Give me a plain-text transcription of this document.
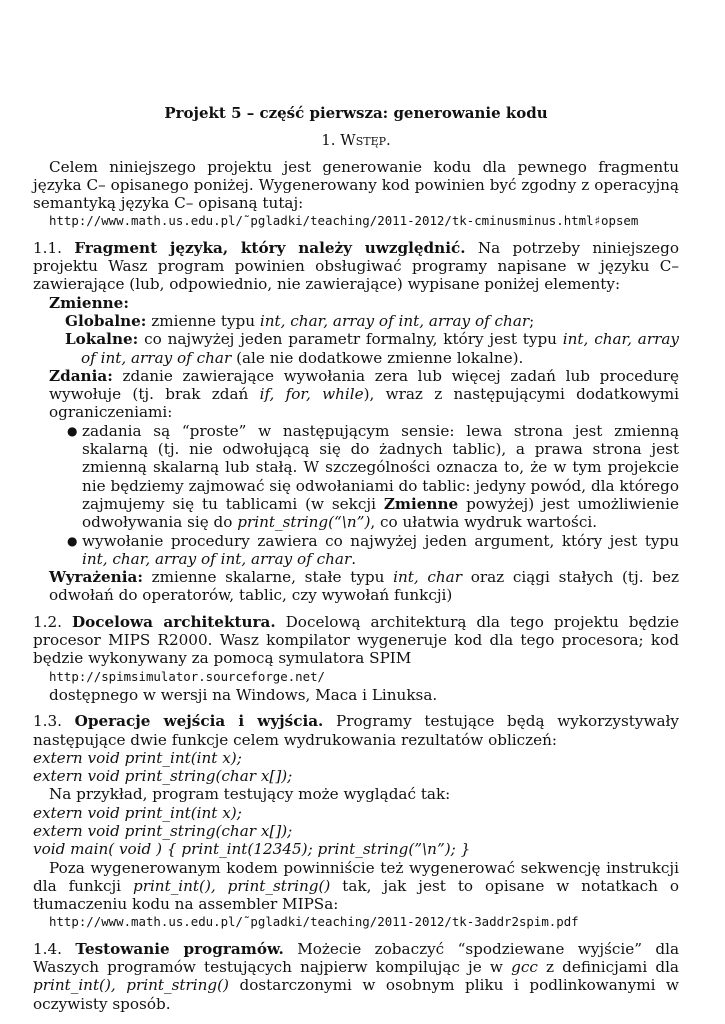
Projekt 5 – część pierwsza: generowanie kodu
1. Wstęp.

Celem niniejszego projektu jest generowanie kodu dla pewnego fragmentu języka C– opisanego poniżej. Wygenerowany kod powinien być zgodny z operacyjną semantyką języka C– opisaną tutaj:

http://www.math.us.edu.pl/˜pgladki/teaching/2011-2012/tk-cminusminus.html♯opsem

1.1. Fragment języka, który należy uwzględnić. Na potrzeby niniejszego projektu Wasz program powinien obsługiwać programy napisane w języku C– zawierające (lub, odpowiednio, nie zawierające) wypisane poniżej elementy:

Zmienne:

Globalne: zmienne typu int, char, array of int, array of char;

Lokalne: co najwyżej jeden parametr formalny, który jest typu int, char, array of int, array of char (ale nie dodatkowe zmienne lokalne).

Zdania: zdanie zawierające wywołania zera lub więcej zadań lub procedurę wywołuje (tj. brak zdań if, for, while), wraz z następującymi dodatkowymi ograniczeniami:

● zadania są “proste” w następującym sensie: lewa strona jest zmienną skalarną (tj. nie odwołującą się do żadnych tablic), a prawa strona jest zmienną skalarną lub stałą. W szczególności oznacza to, że w tym projekcie nie będziemy zajmować się odwołaniami do tablic: jedyny powód, dla którego zajmujemy się tu tablicami (w sekcji Zmienne powyżej) jest umożliwienie odwoływania się do print_string(“\n”), co ułatwia wydruk wartości.
● wywołanie procedury zawiera co najwyżej jeden argument, który jest typu int, char, array of int, array of char.

Wyrażenia: zmienne skalarne, stałe typu int, char oraz ciągi stałych (tj. bez odwołań do operatorów, tablic, czy wywołań funkcji)

1.2. Docelowa architektura. Docelową architekturą dla tego projektu będzie procesor MIPS R2000. Wasz kompilator wygeneruje kod dla tego procesora; kod będzie wykonywany za pomocą symulatora SPIM

http://spimsimulator.sourceforge.net/

dostępnego w wersji na Windows, Maca i Linuksa.

1.3. Operacje wejścia i wyjścia. Programy testujące będą wykorzystywały następujące dwie funkcje celem wydrukowania rezultatów obliczeń:

extern void print_int(int x);
extern void print_string(char x[]);

Na przykład, program testujący może wyglądać tak:

extern void print_int(int x);
extern void print_string(char x[]);
void main( void ) { print_int(12345); print_string(”\n”); }

Poza wygenerowanym kodem powinniście też wygenerować sekwencję instrukcji dla funkcji print_int(), print_string() tak, jak jest to opisane w notatkach o tłumaczeniu kodu na assembler MIPSa:

http://www.math.us.edu.pl/˜pgladki/teaching/2011-2012/tk-3addr2spim.pdf

1.4. Testowanie programów. Możecie zobaczyć “spodziewane wyjście” dla Waszych programów testujących najpierw kompilując je w gcc z definicjami dla print_int(), print_string() dostarczonymi w osobnym pliku i podlinkowanymi w oczywisty sposób.
